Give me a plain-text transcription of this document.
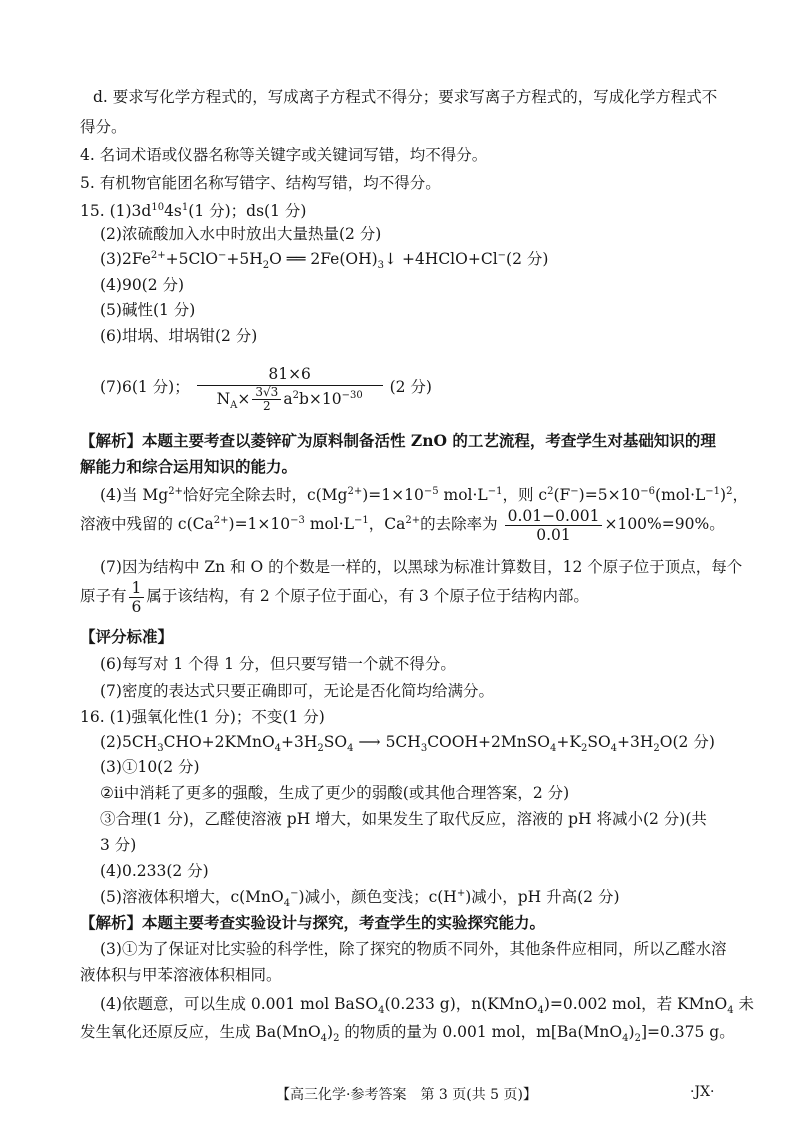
d. 要求写化学方程式的，写成离子方程式不得分；要求写离子方程式的，写成化学方程式不
得分。
4. 名词术语或仪器名称等关键字或关键词写错，均不得分。
5. 有机物官能团名称写错字、结构写错，均不得分。
15. $(1)3d^{10}4s^1(1$ 分)；ds(1 分)
(2)浓硫酸加入水中时放出大量热量(2 分)
$(3)2Fe^{2+}+5ClO^-+5H_2O$ ══ $2Fe(OH)_3↓$ +4HClO+Cl−(2 分)
(4)90(2 分)
(5)碱性(1 分)
(6)坩埚、坩埚钳(2 分)
(7)6(1 分)； $\frac{81\times 6}{N_A\times \frac{3√3}{2} a^2b\times 10^{-30}} (2$ 分)
【解析】本题主要考查以菱锌矿为原料制备活性 ZnO 的工艺流程，考查学生对基础知识的理
解能力和综合运用知识的能力。
(4)当 $Mg^{2+}$恰好完全除去时，$c(Mg^{2+})=1\times 10^{-5}$ $mol\cdot L^{-1}$，则 $c^2(F^-)=5\times 10^{-6}(mol\cdot L^{-1})^2$，
溶液中残留的 $c(Ca^{2+})=1\times 10^{-3}$ $mol\cdot L^{-1}$，$Ca^{2+}$的去除率为 $\frac{0.01-0.001}{0.01} \times 100\%=90\%$。
(7)因为结构中 Zn 和 O 的个数是一样的，以黑球为标准计算数目，12 个原子位于顶点，每个
原子有 $\frac{1}{6}$ 属于该结构，有 2 个原子位于面心，有 3 个原子位于结构内部。
【评分标准】
(6)每写对 1 个得 1 分，但只要写错一个就不得分。
(7)密度的表达式只要正确即可，无论是否化简均给满分。
16. (1)强氧化性(1 分)；不变(1 分)
$(2)5CH_3CHO+2KMnO_4+3H_2SO_4$ ⟶ $5CH_3COOH+2MnSO_4+K_2SO_4+3H_2O(2$ 分)
(3)①10(2 分)
②ⅱ中消耗了更多的强酸，生成了更少的弱酸(或其他合理答案，2 分)
③合理(1 分)，乙醛使溶液 pH 增大，如果发生了取代反应，溶液的 pH 将减小(2 分)(共
3 分)
(4)0.233(2 分)
(5)溶液体积增大，c(MnO$_4$−)减小，颜色变浅；c(H+)减小，pH 升高(2 分)
【解析】本题主要考查实验设计与探究，考查学生的实验探究能力。
(3)①为了保证对比实验的科学性，除了探究的物质不同外，其他条件应相同，所以乙醛水溶
液体积与甲苯溶液体积相同。
(4)依题意，可以生成 0.001 mol BaSO$_4$(0.233 g)，n(KMnO$_4$)=0.002 mol，若 KMnO$_4$ 未
发生氧化还原反应，生成 $Ba(MnO_4)_2$ 的物质的量为 0.001 mol，$m[Ba(MnO_4)_2]=0.375$ g。
【高三化学·参考答案　第 3 页(共 5 页)】	·JX·
